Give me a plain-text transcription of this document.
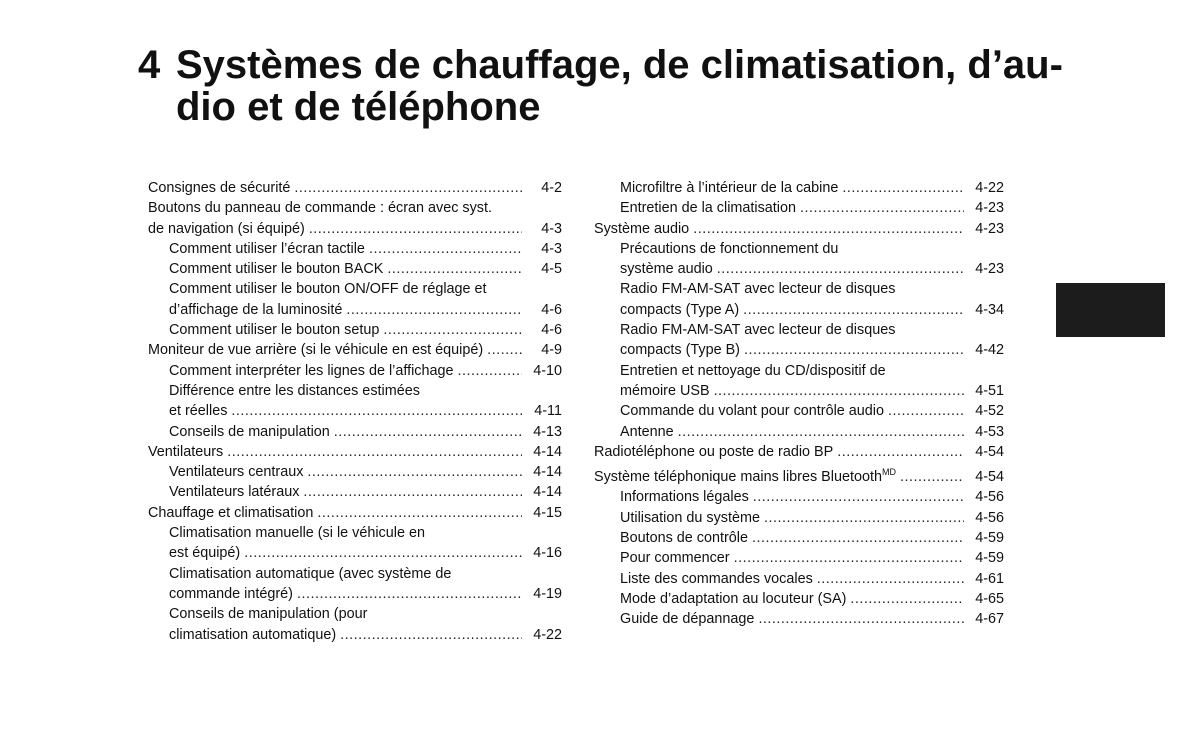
4 Systèmes de chauffage, de climatisation, d’au-
dio et de téléphone
Consignes de sécurité .....	4-2
Boutons du panneau de commande : écran avec syst.
de navigation (si équipé) .....	4-3
Comment utiliser l’écran tactile .....	4-3
Comment utiliser le bouton BACK .....	4-5
Comment utiliser le bouton ON/OFF de réglage et
d’affichage de la luminosité .....	4-6
Comment utiliser le bouton setup .....	4-6
Moniteur de vue arrière (si le véhicule en est équipé) .....	4-9
Comment interpréter les lignes de l’affichage .....	4-10
Différence entre les distances estimées
et réelles .....	4-11
Conseils de manipulation .....	4-13
Ventilateurs .....	4-14
Ventilateurs centraux .....	4-14
Ventilateurs latéraux .....	4-14
Chauffage et climatisation .....	4-15
Climatisation manuelle (si le véhicule en
est équipé) .....	4-16
Climatisation automatique (avec système de
commande intégré) .....	4-19
Conseils de manipulation (pour
climatisation automatique) .....	4-22
Microfiltre à l’intérieur de la cabine .....	4-22
Entretien de la climatisation .....	4-23
Système audio .....	4-23
Précautions de fonctionnement du
système audio .....	4-23
Radio FM-AM-SAT avec lecteur de disques
compacts (Type A) .....	4-34
Radio FM-AM-SAT avec lecteur de disques
compacts (Type B) .....	4-42
Entretien et nettoyage du CD/dispositif de
mémoire USB .....	4-51
Commande du volant pour contrôle audio .....	4-52
Antenne .....	4-53
Radiotéléphone ou poste de radio BP .....	4-54
Système téléphonique mains libres Bluetooth$^{MD}$ .....	4-54
Informations légales .....	4-56
Utilisation du système .....	4-56
Boutons de contrôle .....	4-59
Pour commencer .....	4-59
Liste des commandes vocales .....	4-61
Mode d’adaptation au locuteur (SA) .....	4-65
Guide de dépannage .....	4-67
